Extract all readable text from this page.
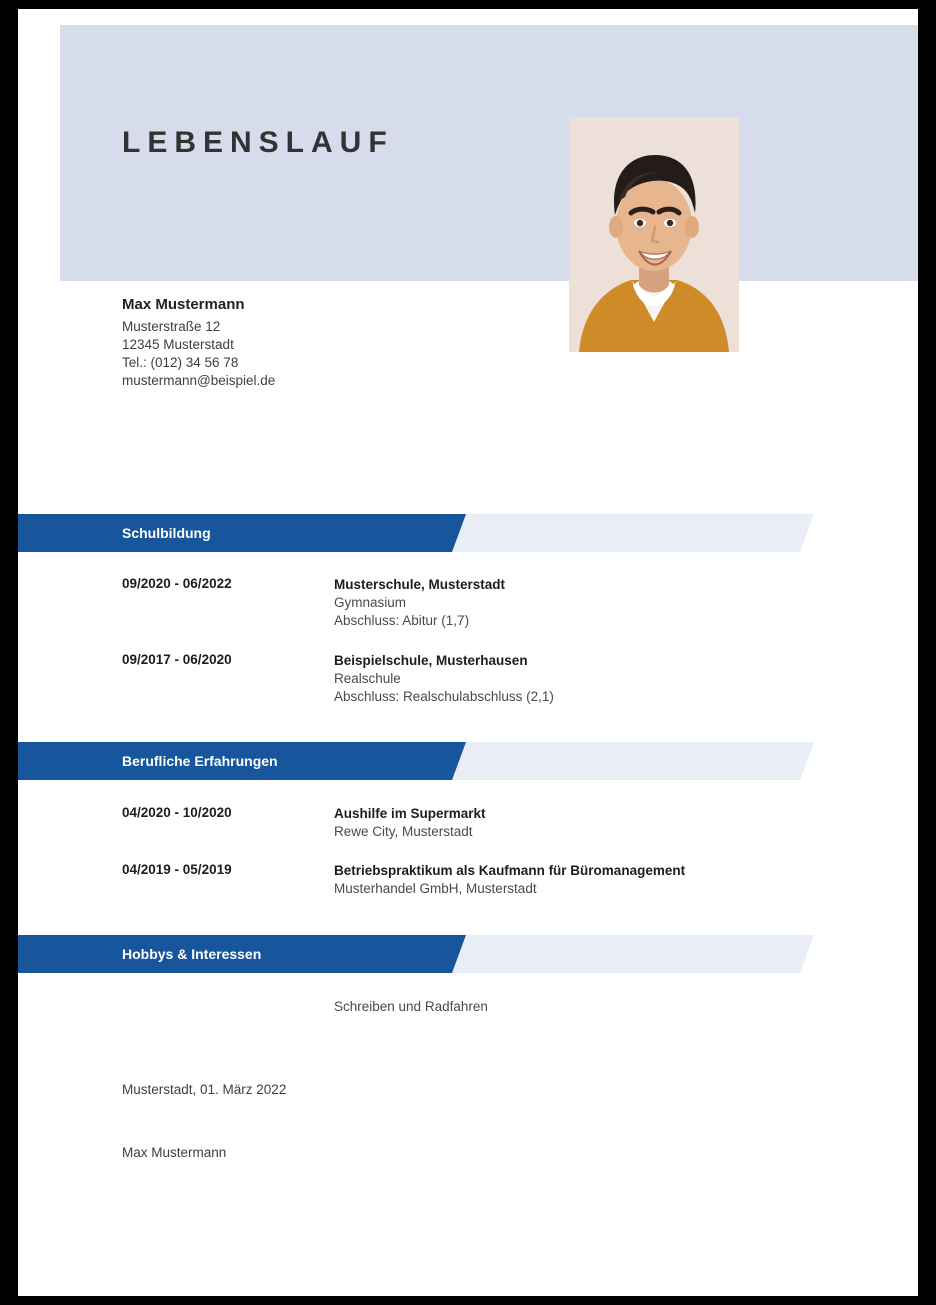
LEBENSLAUF
Max Mustermann
Musterstraße 12
12345 Musterstadt
Tel.: (012) 34 56 78
mustermann@beispiel.de
Schulbildung
09/2020 - 06/2022	Musterschule, Musterstadt
Gymnasium
Abschluss: Abitur (1,7)
09/2017 - 06/2020	Beispielschule, Musterhausen
Realschule
Abschluss: Realschulabschluss (2,1)
Berufliche Erfahrungen
04/2020 - 10/2020	Aushilfe im Supermarkt
Rewe City, Musterstadt
04/2019 - 05/2019	Betriebspraktikum als Kaufmann für Büromanagement
Musterhandel GmbH, Musterstadt
Hobbys & Interessen
Schreiben und Radfahren
Musterstadt, 01. März 2022
Max Mustermann
